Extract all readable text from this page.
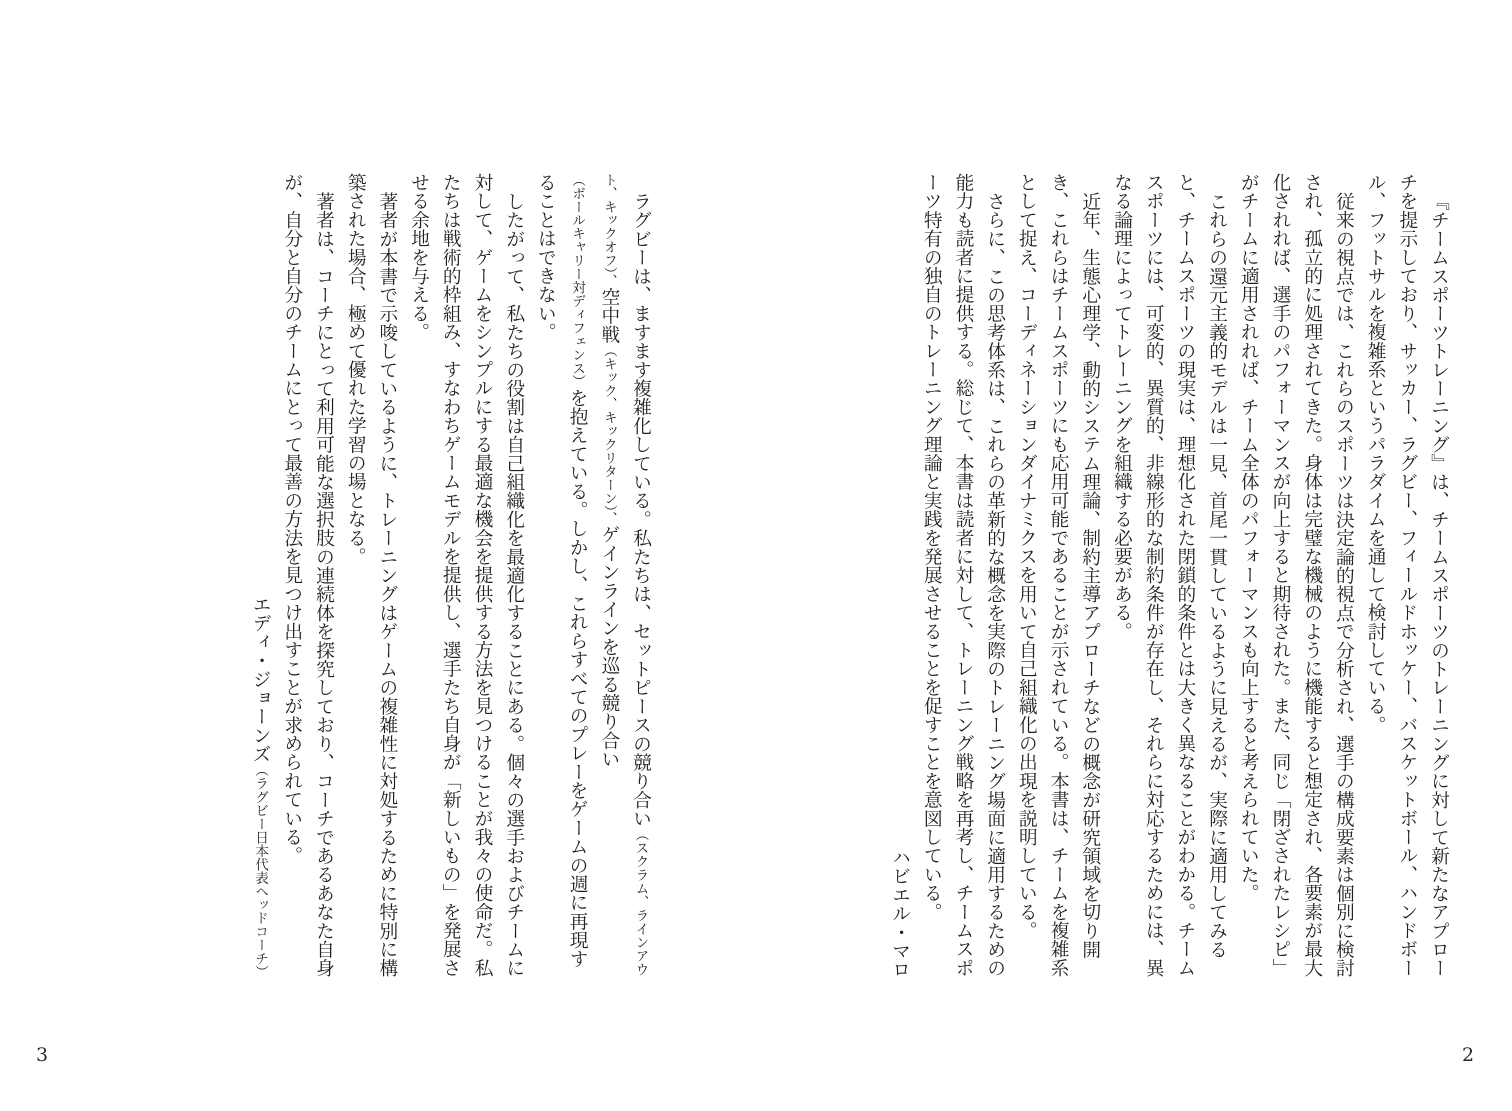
『チームスポーツトレーニング』は、チームスポーツのトレーニングに対して新たなアプローチを提示しており、サッカー、ラグビー、フィールドホッケー、バスケットボール、ハンドボール、フットサルを複雑系というパラダイムを通して検討している。

従来の視点では、これらのスポーツは決定論的視点で分析され、選手の構成要素は個別に検討され、孤立的に処理されてきた。身体は完璧な機械のように機能すると想定され、各要素が最大化されれば、選手のパフォーマンスが向上すると期待された。また、同じ「閉ざされたレシピ」がチームに適用されれば、チーム全体のパフォーマンスも向上すると考えられていた。

これらの還元主義的モデルは一見、首尾一貫しているように見えるが、実際に適用してみると、チームスポーツの現実は、理想化された閉鎖的条件とは大きく異なることがわかる。チームスポーツには、可変的、異質的、非線形的な制約条件が存在し、それらに対応するためには、異なる論理によってトレーニングを組織する必要がある。

近年、生態心理学、動的システム理論、制約主導アプローチなどの概念が研究領域を切り開き、これらはチームスポーツにも応用可能であることが示されている。本書は、チームを複雑系として捉え、コーディネーションダイナミクスを用いて自己組織化の出現を説明している。

さらに、この思考体系は、これらの革新的な概念を実際のトレーニング場面に適用するための能力も読者に提供する。総じて、本書は読者に対して、トレーニング戦略を再考し、チームスポーツ特有の独自のトレーニング理論と実践を発展させることを促すことを意図している。

ハビエル・マロ

ラグビーは、ますます複雑化している。私たちは、セットピースの競り合い（スクラム、ラインアウト、キックオフ）、空中戦（キック、キックリターン）、ゲインラインを巡る競り合い（ボールキャリー対ディフェンス）を抱えている。しかし、これらすべてのプレーをゲームの週に再現することはできない。

したがって、私たちの役割は自己組織化を最適化することにある。個々の選手およびチームに対して、ゲームをシンプルにする最適な機会を提供する方法を見つけることが我々の使命だ。私たちは戦術的枠組み、すなわちゲームモデルを提供し、選手たち自身が「新しいもの」を発展させる余地を与える。

著者が本書で示唆しているように、トレーニングはゲームの複雑性に対処するために特別に構築された場合、極めて優れた学習の場となる。

著者は、コーチにとって利用可能な選択肢の連続体を探究しており、コーチであるあなた自身が、自分と自分のチームにとって最善の方法を見つけ出すことが求められている。

エディ・ジョーンズ（ラグビー日本代表ヘッドコーチ）

3	2
